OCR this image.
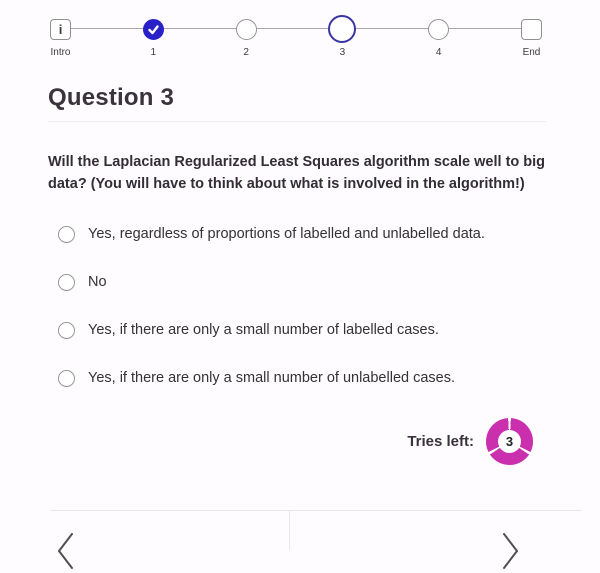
i
Intro	1	2	3	4	End
Question 3

Will the Laplacian Regularized Least Squares algorithm scale well to big data? (You will have to think about what is involved in the algorithm!)

Yes, regardless of proportions of labelled and unlabelled data.
No
Yes, if there are only a small number of labelled cases.
Yes, if there are only a small number of unlabelled cases.
Tries left:	3
